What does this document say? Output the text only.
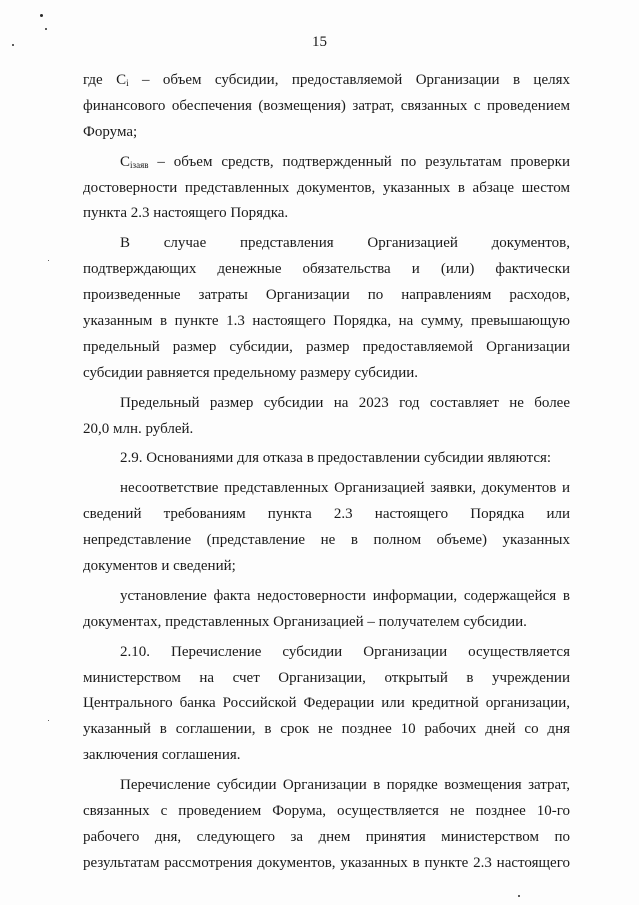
15
где $C_i$ – объем субсидии, предоставляемой Организации в целях
финансового обеспечения (возмещения) затрат, связанных с проведением
Форума;
$C_{iзаяв}$ – объем средств, подтвержденный по результатам проверки
достоверности представленных документов, указанных в абзаце шестом
пункта 2.3 настоящего Порядка.
В случае представления Организацией документов,
подтверждающих денежные обязательства и (или) фактически
произведенные затраты Организации по направлениям расходов,
указанным в пункте 1.3 настоящего Порядка, на сумму, превышающую
предельный размер субсидии, размер предоставляемой Организации
субсидии равняется предельному размеру субсидии.
Предельный размер субсидии на 2023 год составляет не более
20,0 млн. рублей.
2.9. Основаниями для отказа в предоставлении субсидии являются:
несоответствие представленных Организацией заявки, документов и
сведений требованиям пункта 2.3 настоящего Порядка или
непредставление (представление не в полном объеме) указанных
документов и сведений;
установление факта недостоверности информации, содержащейся в
документах, представленных Организацией – получателем субсидии.
2.10. Перечисление субсидии Организации осуществляется
министерством на счет Организации, открытый в учреждении
Центрального банка Российской Федерации или кредитной организации,
указанный в соглашении, в срок не позднее 10 рабочих дней со дня
заключения соглашения.
Перечисление субсидии Организации в порядке возмещения затрат,
связанных с проведением Форума, осуществляется не позднее 10-го
рабочего дня, следующего за днем принятия министерством по
результатам рассмотрения документов, указанных в пункте 2.3 настоящего
